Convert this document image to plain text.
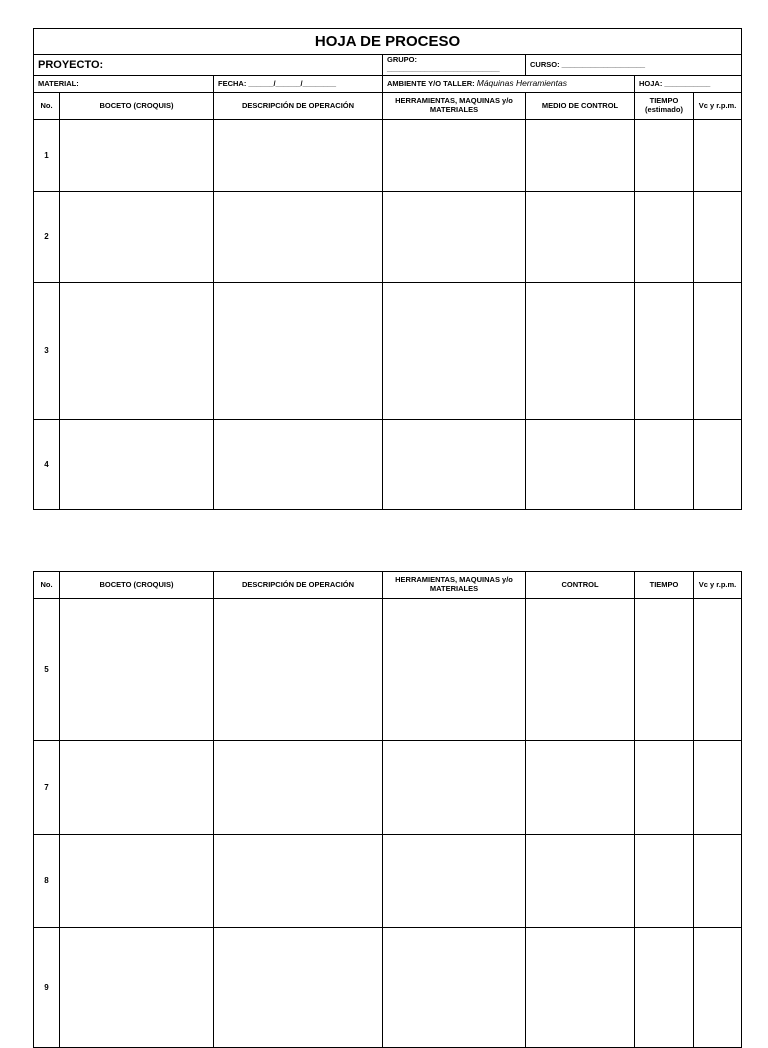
HOJA DE PROCESO						
PROYECTO:			GRUPO: ___________________________	CURSO: ____________________		
MATERIAL:		FECHA: ______/______/________	AMBIENTE Y/O TALLER: Máquinas Herramientas		HOJA: ___________	
No.	BOCETO (CROQUIS)	DESCRIPCIÓN DE OPERACIÓN	HERRAMIENTAS, MAQUINAS y/o MATERIALES	MEDIO DE CONTROL	TIEMPO (estimado)	Vc y r.p.m.
1						
2						
3						
4						
No.	BOCETO (CROQUIS)	DESCRIPCIÓN DE OPERACIÓN	HERRAMIENTAS, MAQUINAS y/o MATERIALES	CONTROL	TIEMPO	Vc y r.p.m.
5						
7						
8						
9						
